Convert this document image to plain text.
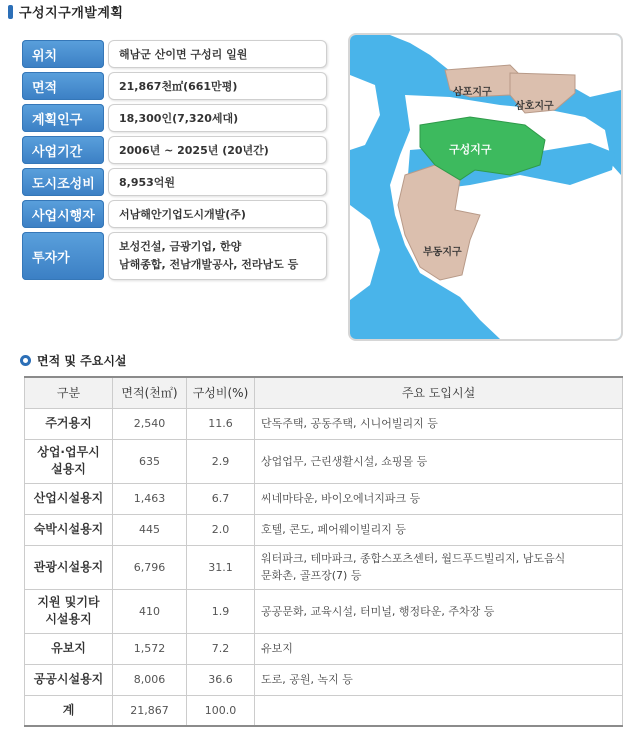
구성지구개발계획
위치	해남군 산이면 구성리 일원
면적	21,867천㎡(661만평)
계획인구	18,300인(7,320세대)
사업기간	2006년 ~ 2025년 (20년간)
도시조성비	8,953억원
사업시행자	서남해안기업도시개발(주)
투자가
보성건설, 금광기업, 한양
남해종합, 전남개발공사, 전라남도 등
삼포지구
삼호지구
구성지구
부동지구
면적 및 주요시설
구분	면적(천㎡)	구성비(%)	주요 도입시설

주거용지	2,540	11.6	단독주택, 공동주택, 시니어빌리지 등

상업·업무시
설용지	635	2.9	상업업무, 근린생활시설, 쇼핑몰 등

산업시설용지	1,463	6.7	씨네마타운, 바이오에너지파크 등

숙박시설용지	445	2.0	호텔, 콘도, 페어웨이빌리지 등

관광시설용지	6,796	31.1	워터파크, 테마파크, 종합스포츠센터, 월드푸드빌리지, 남도음식
문화촌, 골프장(7) 등

지원 및기타
시설용지	410	1.9	공공문화, 교육시설, 터미널, 행정타운, 주차장 등

유보지	1,572	7.2	유보지

공공시설용지	8,006	36.6	도로, 공원, 녹지 등

계	21,867	100.0	
